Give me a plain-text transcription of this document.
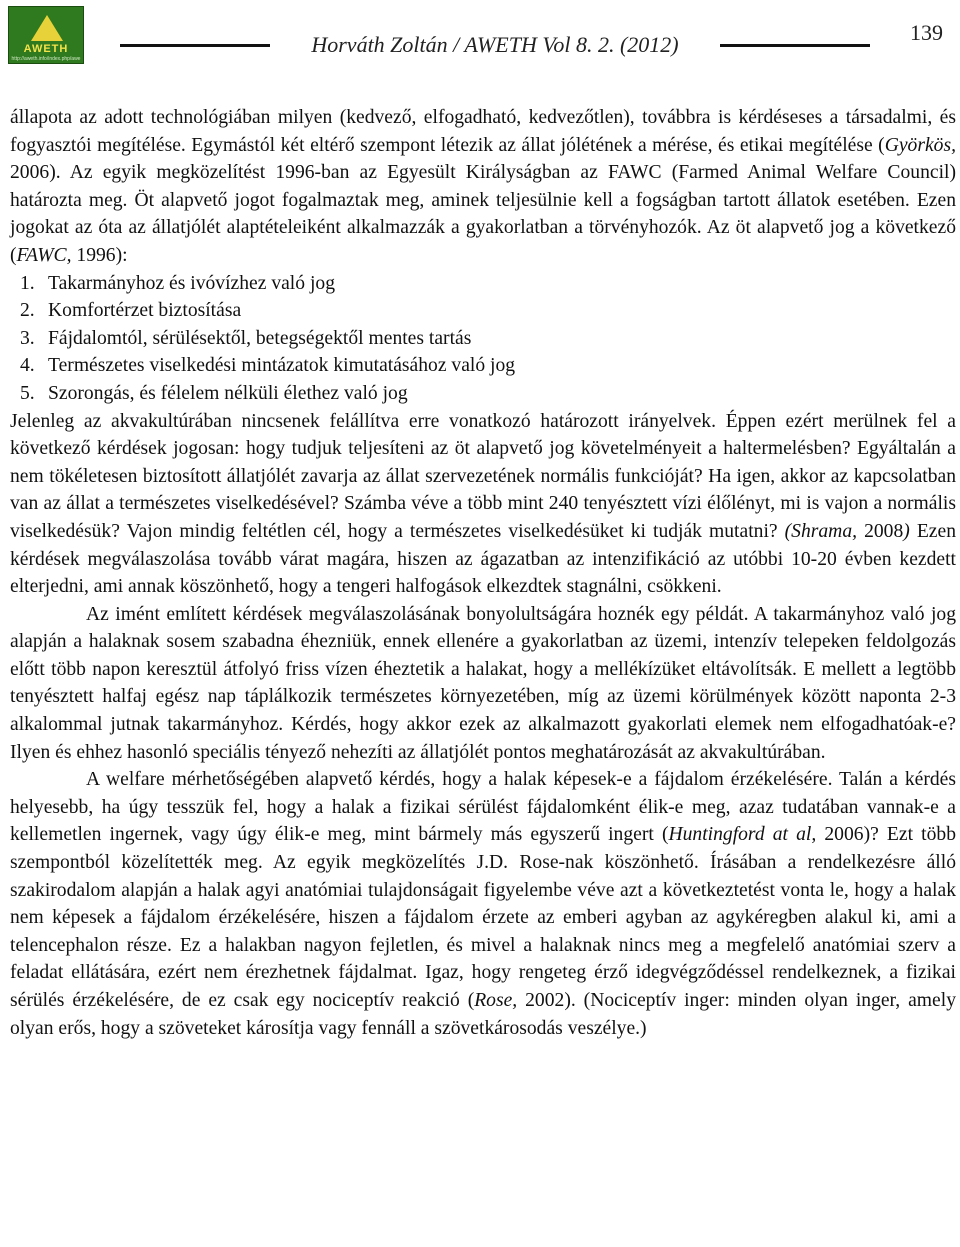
AWETH
http://aweth.info/index.php/awe
Horváth Zoltán / AWETH Vol 8. 2. (2012)	139

állapota az adott technológiában milyen (kedvező, elfogadható, kedvezőtlen), továbbra is kérdéseses a társadalmi, és fogyasztói megítélése. Egymástól két eltérő szempont létezik az állat jólétének a mérése, és etikai megítélése (Györkös, 2006). Az egyik megközelítést 1996-ban az Egyesült Királyságban az FAWC (Farmed Animal Welfare Council) határozta meg. Öt alapvető jogot fogalmaztak meg, aminek teljesülnie kell a fogságban tartott állatok esetében. Ezen jogokat az óta az állatjólét alaptételeiként alkalmazzák a gyakorlatban a törvényhozók. Az öt alapvető jog a következő (FAWC, 1996):

1. Takarmányhoz és ivóvízhez való jog
2. Komfortérzet biztosítása
3. Fájdalomtól, sérülésektől, betegségektől mentes tartás
4. Természetes viselkedési mintázatok kimutatásához való jog
5. Szorongás, és félelem nélküli élethez való jog

Jelenleg az akvakultúrában nincsenek felállítva erre vonatkozó határozott irányelvek. Éppen ezért merülnek fel a következő kérdések jogosan: hogy tudjuk teljesíteni az öt alapvető jog követelményeit a haltermelésben? Egyáltalán a nem tökéletesen biztosított állatjólét zavarja az állat szervezetének normális funkcióját? Ha igen, akkor az kapcsolatban van az állat a természetes viselkedésével? Számba véve a több mint 240 tenyésztett vízi élőlényt, mi is vajon a normális viselkedésük? Vajon mindig feltétlen cél, hogy a természetes viselkedésüket ki tudják mutatni? (Shrama, 2008) Ezen kérdések megválaszolása tovább várat magára, hiszen az ágazatban az intenzifikáció az utóbbi 10-20 évben kezdett elterjedni, ami annak köszönhető, hogy a tengeri halfogások elkezdtek stagnálni, csökkeni.

Az imént említett kérdések megválaszolásának bonyolultságára hoznék egy példát. A takarmányhoz való jog alapján a halaknak sosem szabadna éhezniük, ennek ellenére a gyakorlatban az üzemi, intenzív telepeken feldolgozás előtt több napon keresztül átfolyó friss vízen éheztetik a halakat, hogy a mellékízüket eltávolítsák. E mellett a legtöbb tenyésztett halfaj egész nap táplálkozik természetes környezetében, míg az üzemi körülmények között naponta 2-3 alkalommal jutnak takarmányhoz. Kérdés, hogy akkor ezek az alkalmazott gyakorlati elemek nem elfogadhatóak-e? Ilyen és ehhez hasonló speciális tényező nehezíti az állatjólét pontos meghatározását az akvakultúrában.

A welfare mérhetőségében alapvető kérdés, hogy a halak képesek-e a fájdalom érzékelésére. Talán a kérdés helyesebb, ha úgy tesszük fel, hogy a halak a fizikai sérülést fájdalomként élik-e meg, azaz tudatában vannak-e a kellemetlen ingernek, vagy úgy élik-e meg, mint bármely más egyszerű ingert (Huntingford at al, 2006)? Ezt több szempontból közelítették meg. Az egyik megközelítés J.D. Rose-nak köszönhető. Írásában a rendelkezésre álló szakirodalom alapján a halak agyi anatómiai tulajdonságait figyelembe véve azt a következtetést vonta le, hogy a halak nem képesek a fájdalom érzékelésére, hiszen a fájdalom érzete az emberi agyban az agykéregben alakul ki, ami a telencephalon része. Ez a halakban nagyon fejletlen, és mivel a halaknak nincs meg a megfelelő anatómiai szerv a feladat ellátására, ezért nem érezhetnek fájdalmat. Igaz, hogy rengeteg érző idegvégződéssel rendelkeznek, a fizikai sérülés érzékelésére, de ez csak egy nociceptív reakció (Rose, 2002). (Nociceptív inger: minden olyan inger, amely olyan erős, hogy a szöveteket károsítja vagy fennáll a szövetkárosodás veszélye.)
